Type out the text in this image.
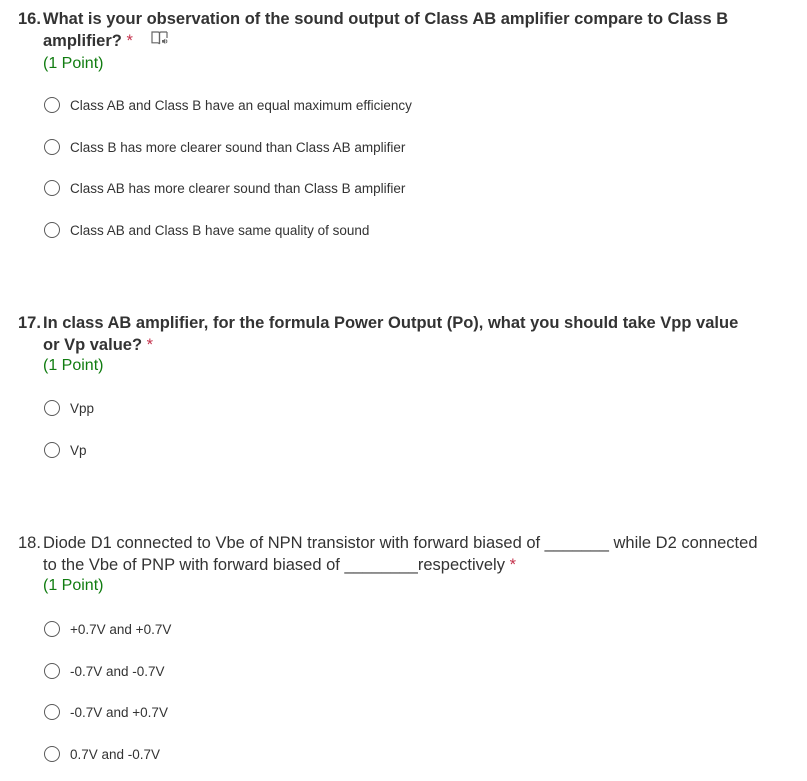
16. What is your observation of the sound output of Class AB amplifier compare to Class B
amplifier? *
(1 Point)
Class AB and Class B have an equal maximum efficiency
Class B has more clearer sound than Class AB amplifier
Class AB has more clearer sound than Class B amplifier
Class AB and Class B have same quality of sound
17. In class AB amplifier, for the formula Power Output (Po), what you should take Vpp value
or Vp value? *
(1 Point)
Vpp
Vp
18. Diode D1 connected to Vbe of NPN transistor with forward biased of _______ while D2 connected
to the Vbe of PNP with forward biased of ________respectively *
(1 Point)
+0.7V and +0.7V
-0.7V and -0.7V
-0.7V and +0.7V
0.7V and -0.7V
